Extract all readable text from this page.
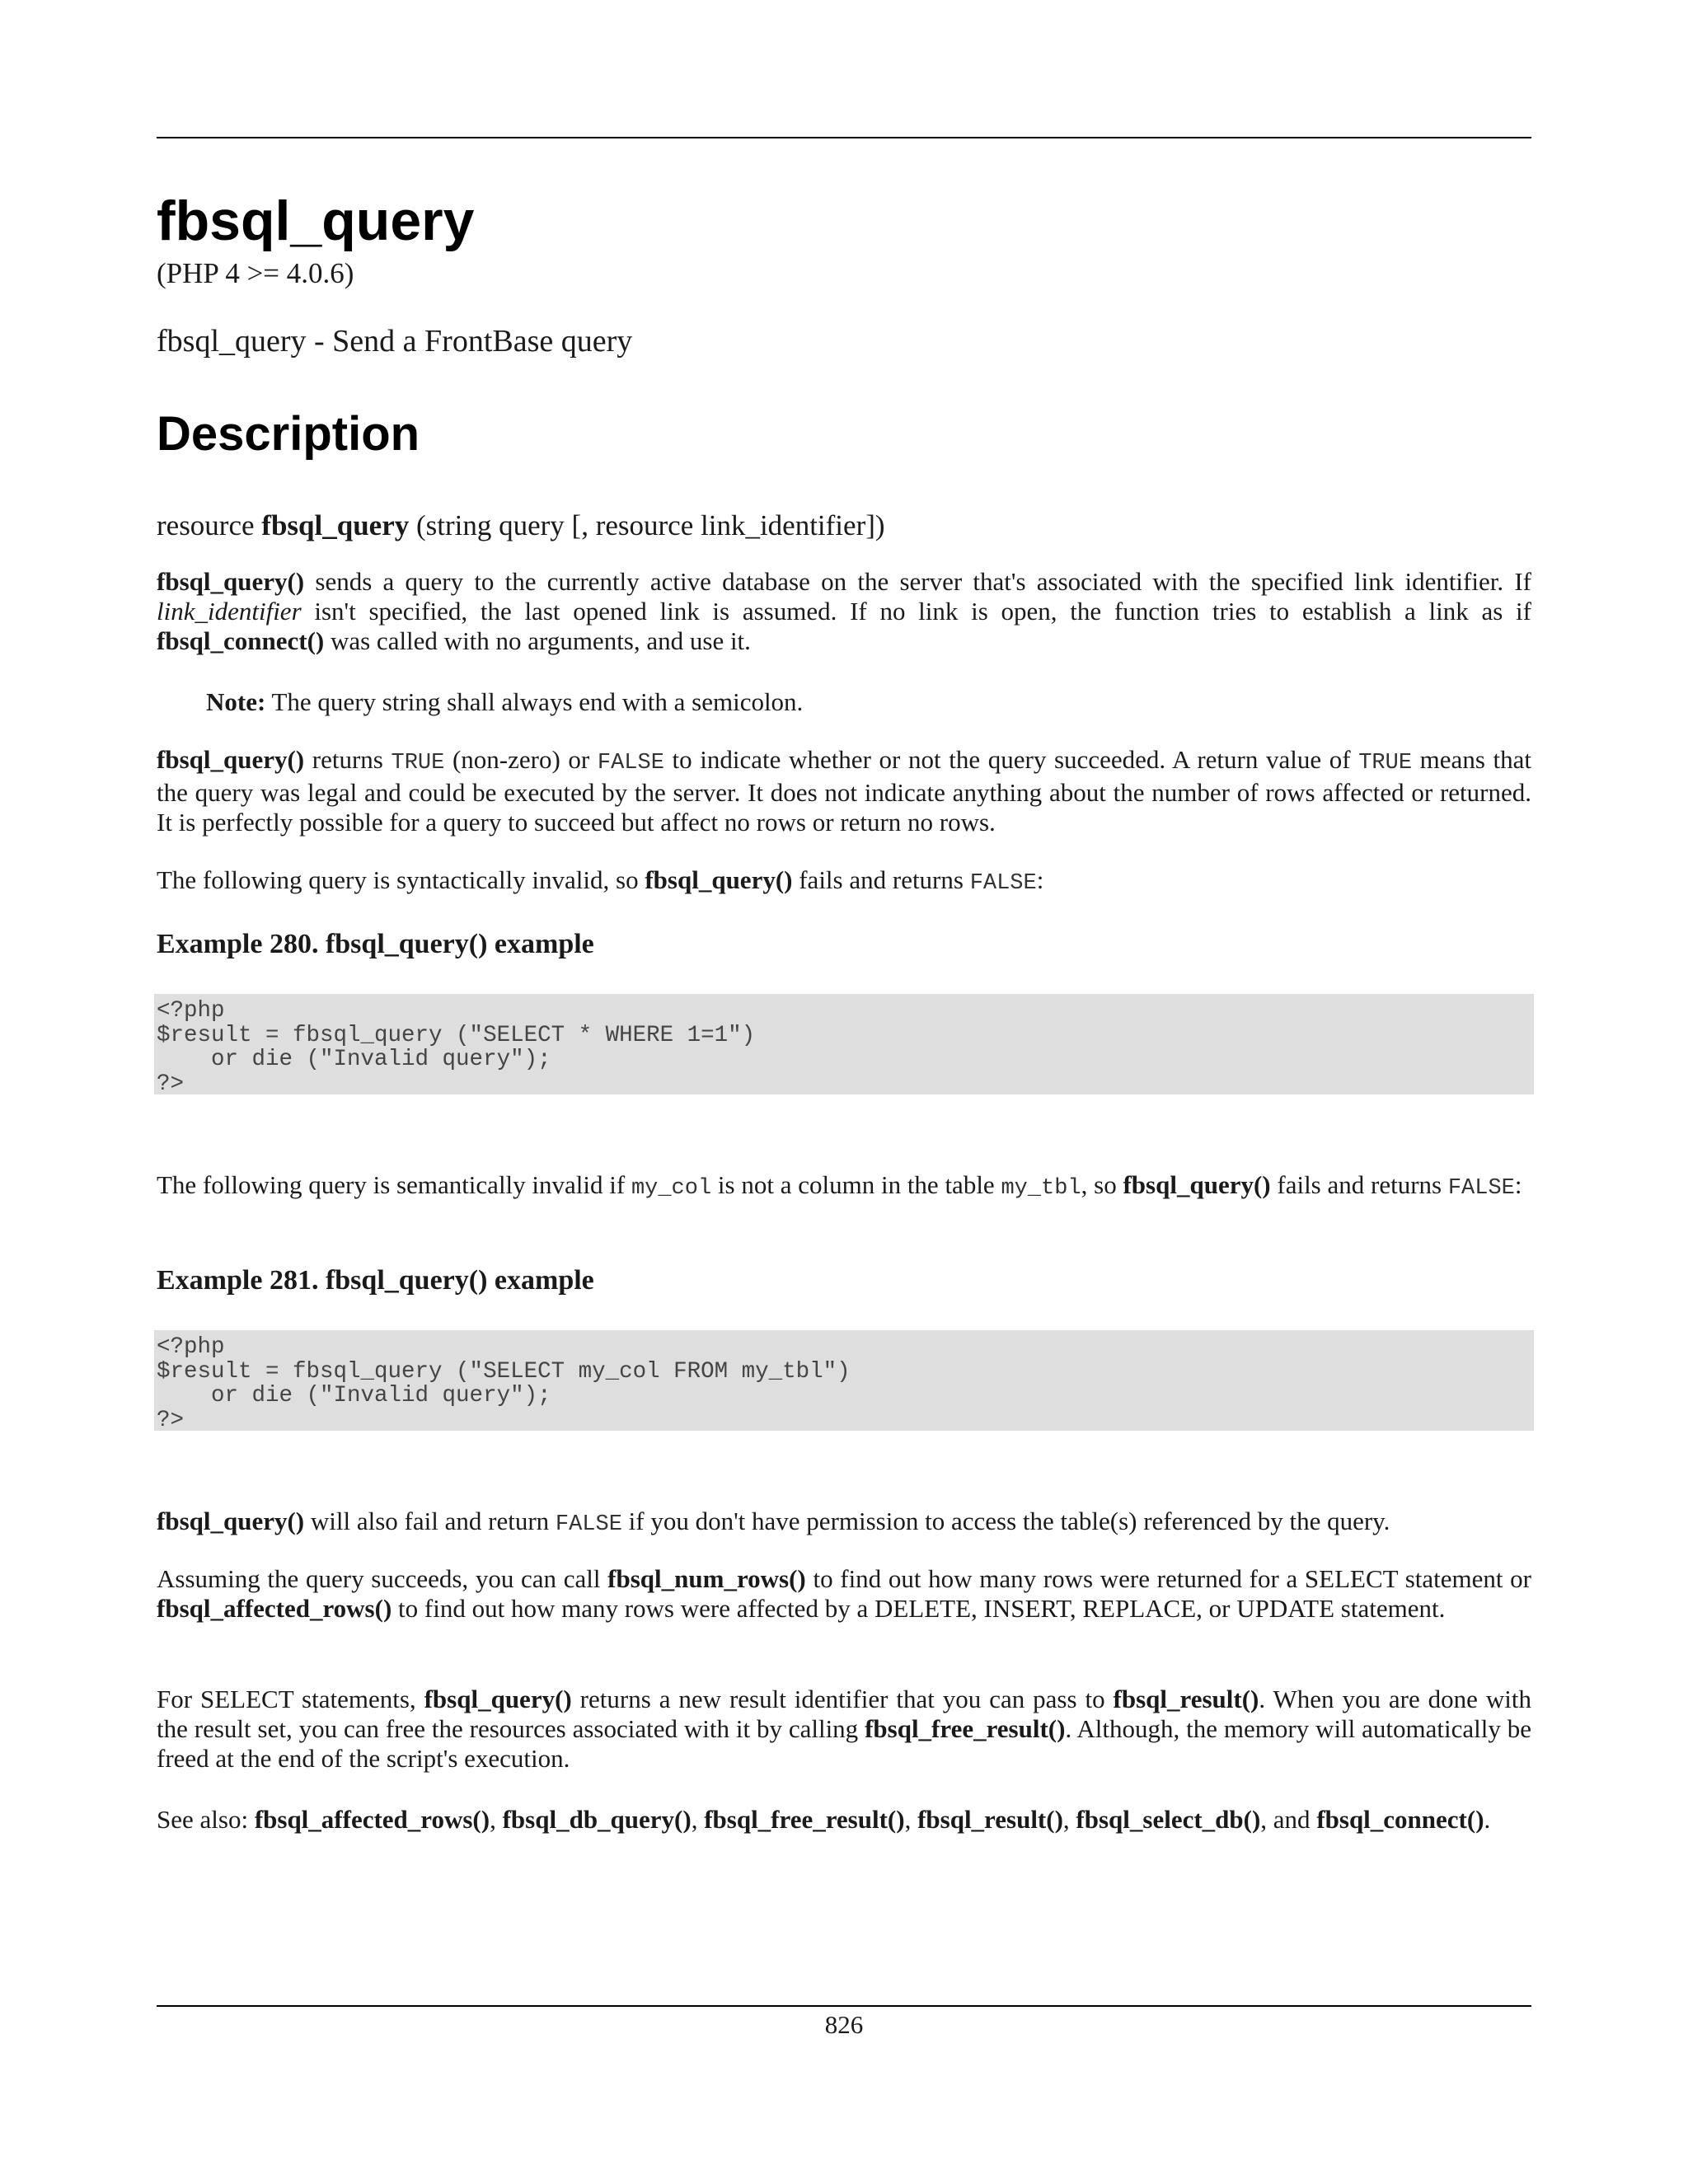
fbsql_query
(PHP 4 >= 4.0.6)
fbsql_query - Send a FrontBase query
Description
resource fbsql_query (string query [, resource link_identifier])

fbsql_query() sends a query to the currently active database on the server that's associated with the specified link identifier. If link_identifier isn't specified, the last opened link is assumed. If no link is open, the function tries to establish a link as if fbsql_connect() was called with no arguments, and use it.

Note: The query string shall always end with a semicolon.

fbsql_query() returns TRUE (non-zero) or FALSE to indicate whether or not the query succeeded. A return value of TRUE means that the query was legal and could be executed by the server. It does not indicate anything about the number of rows affected or returned. It is perfectly possible for a query to succeed but affect no rows or return no rows.

The following query is syntactically invalid, so fbsql_query() fails and returns FALSE:

Example 280. fbsql_query() example

<?php
$result = fbsql_query ("SELECT * WHERE 1=1")
or die ("Invalid query");
?>

The following query is semantically invalid if my_col is not a column in the table my_tbl, so fbsql_query() fails and returns FALSE:

Example 281. fbsql_query() example

<?php
$result = fbsql_query ("SELECT my_col FROM my_tbl")
or die ("Invalid query");
?>

fbsql_query() will also fail and return FALSE if you don't have permission to access the table(s) referenced by the query.

Assuming the query succeeds, you can call fbsql_num_rows() to find out how many rows were returned for a SELECT statement or fbsql_affected_rows() to find out how many rows were affected by a DELETE, INSERT, REPLACE, or UPDATE statement.

For SELECT statements, fbsql_query() returns a new result identifier that you can pass to fbsql_result(). When you are done with the result set, you can free the resources associated with it by calling fbsql_free_result(). Although, the memory will automatically be freed at the end of the script's execution.

See also: fbsql_affected_rows(), fbsql_db_query(), fbsql_free_result(), fbsql_result(), fbsql_select_db(), and fbsql_connect().

826
